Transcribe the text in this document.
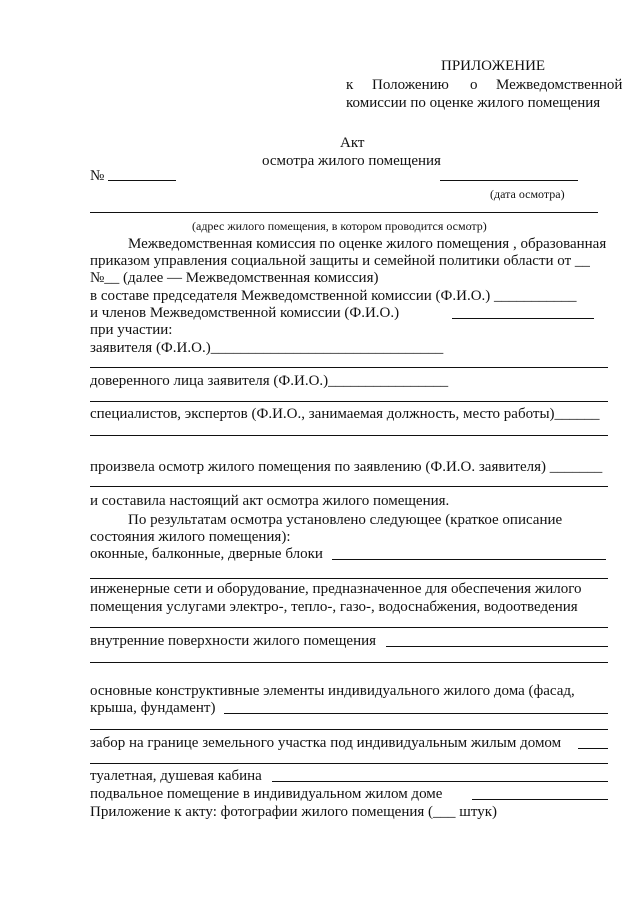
ПРИЛОЖЕНИЕ
к Положению о Межведомственной
комиссии по оценке жилого помещения
Акт
осмотра жилого помещения
№
(дата осмотра)
(адрес жилого помещения, в котором проводится осмотр)
Межведомственная комиссия по оценке жилого помещения , образованная
приказом управления социальной защиты и семейной политики области от __
№__ (далее — Межведомственная комиссия)
в составе председателя Межведомственной комиссии (Ф.И.О.) ___________
и членов Межведомственной комиссии (Ф.И.О.)
при участии:
заявителя (Ф.И.О.)_______________________________
доверенного лица заявителя (Ф.И.О.)________________
специалистов, экспертов (Ф.И.О., занимаемая должность, место работы)______
произвела осмотр жилого помещения по заявлению (Ф.И.О. заявителя) _______
и составила настоящий акт осмотра жилого помещения.
По результатам осмотра установлено следующее (краткое описание
состояния жилого помещения):
оконные, балконные, дверные блоки
инженерные сети и оборудование, предназначенное для обеспечения жилого
помещения услугами электро-, тепло-, газо-, водоснабжения, водоотведения
внутренние поверхности жилого помещения
основные конструктивные элементы индивидуального жилого дома (фасад,
крыша, фундамент)
забор на границе земельного участка под индивидуальным жилым домом
туалетная, душевая кабина
подвальное помещение в индивидуальном жилом доме
Приложение к акту: фотографии жилого помещения (___ штук)
